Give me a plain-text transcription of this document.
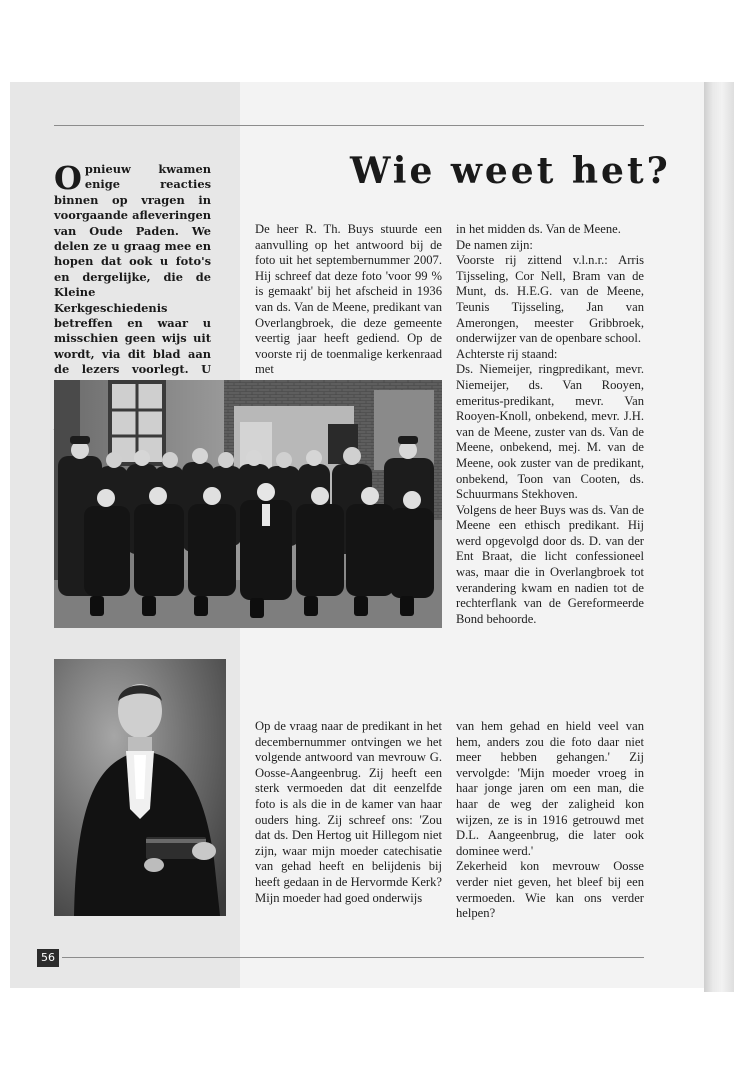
Opnieuw kwamen enige reacties binnen op vragen in voorgaande afleveringen van Oude Paden. We delen ze u graag mee en hopen dat ook u foto's en dergelijke, die de Kleine Kerkgeschiedenis betreffen en waar u misschien geen wijs uit wordt, via dit blad aan de lezers voorlegt. U
Wie weet het?

De heer R. Th. Buys stuurde een aanvulling op het antwoord bij de foto uit het septembernummer 2007. Hij schreef dat deze foto 'voor 99 % is gemaakt' bij het afscheid in 1936 van ds. Van de Meene, predikant van Overlangbroek, die deze gemeente veertig jaar heeft gediend. Op de voorste rij de toenmalige kerkenraad met

in het midden ds. Van de Meene.

De namen zijn:

Voorste rij zittend v.l.n.r.: Arris Tijsseling, Cor Nell, Bram van de Munt, ds. H.E.G. van de Meene, Teunis Tijsseling, Jan van Amerongen, meester Gribbroek, onderwijzer van de openbare school.

Achterste rij staand:

Ds. Niemeijer, ringpredikant, mevr. Niemeijer, ds. Van Rooyen, emeritus-predikant, mevr. Van Rooyen-Knoll, onbekend, mevr. J.H. van de Meene, zuster van ds. Van de Meene, onbekend, mej. M. van de Meene, ook zuster van de predikant, onbekend, Toon van Cooten, ds. Schuurmans Stekhoven.

Volgens de heer Buys was ds. Van de Meene een ethisch predikant. Hij werd opgevolgd door ds. D. van der Ent Braat, die licht confessioneel was, maar die in Overlangbroek tot verandering kwam en nadien tot de rechterflank van de Gereformeerde Bond behoorde.

Op de vraag naar de predikant in het decembernummer ontvingen we het volgende antwoord van mevrouw G. Oosse-Aangeenbrug. Zij heeft een sterk vermoeden dat dit eenzelfde foto is als die in de kamer van haar ouders hing. Zij schreef ons: 'Zou dat ds. Den Hertog uit Hillegom niet zijn, waar mijn moeder catechisatie van gehad heeft en belijdenis bij heeft gedaan in de Hervormde Kerk? Mijn moeder had goed onderwijs

van hem gehad en hield veel van hem, anders zou die foto daar niet meer hebben gehangen.' Zij vervolgde: 'Mijn moeder vroeg in haar jonge jaren om een man, die haar de weg der zaligheid kon wijzen, ze is in 1916 getrouwd met D.L. Aangeenbrug, die later ook dominee werd.'

Zekerheid kon mevrouw Oosse verder niet geven, het bleef bij een vermoeden. Wie kan ons verder helpen?

56
